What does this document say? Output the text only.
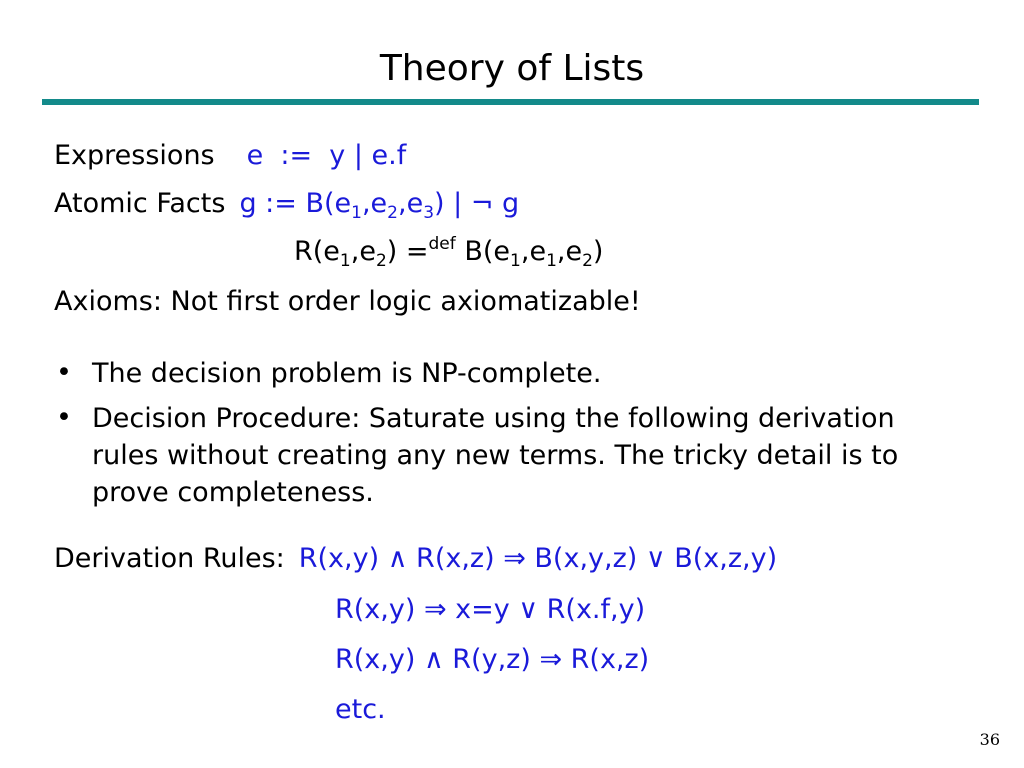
Theory of Lists
Expressions e  :=  y | e.f
Atomic Facts g := $B(e_1,e_2,e_3)$ | ¬ g
$R(e_1,e_2) =^{def}$ $B(e_1,e_1,e_2)$
Axioms: Not first order logic axiomatizable!
• The decision problem is NP-complete.
• Decision Procedure: Saturate using the following derivation rules without creating any new terms. The tricky detail is to prove completeness.
Derivation Rules: R(x,y) ∧ R(x,z) ⇒ B(x,y,z) ∨ B(x,z,y)
R(x,y) ⇒ x=y ∨ R(x.f,y)
R(x,y) ∧ R(y,z) ⇒ R(x,z)
etc.
36
